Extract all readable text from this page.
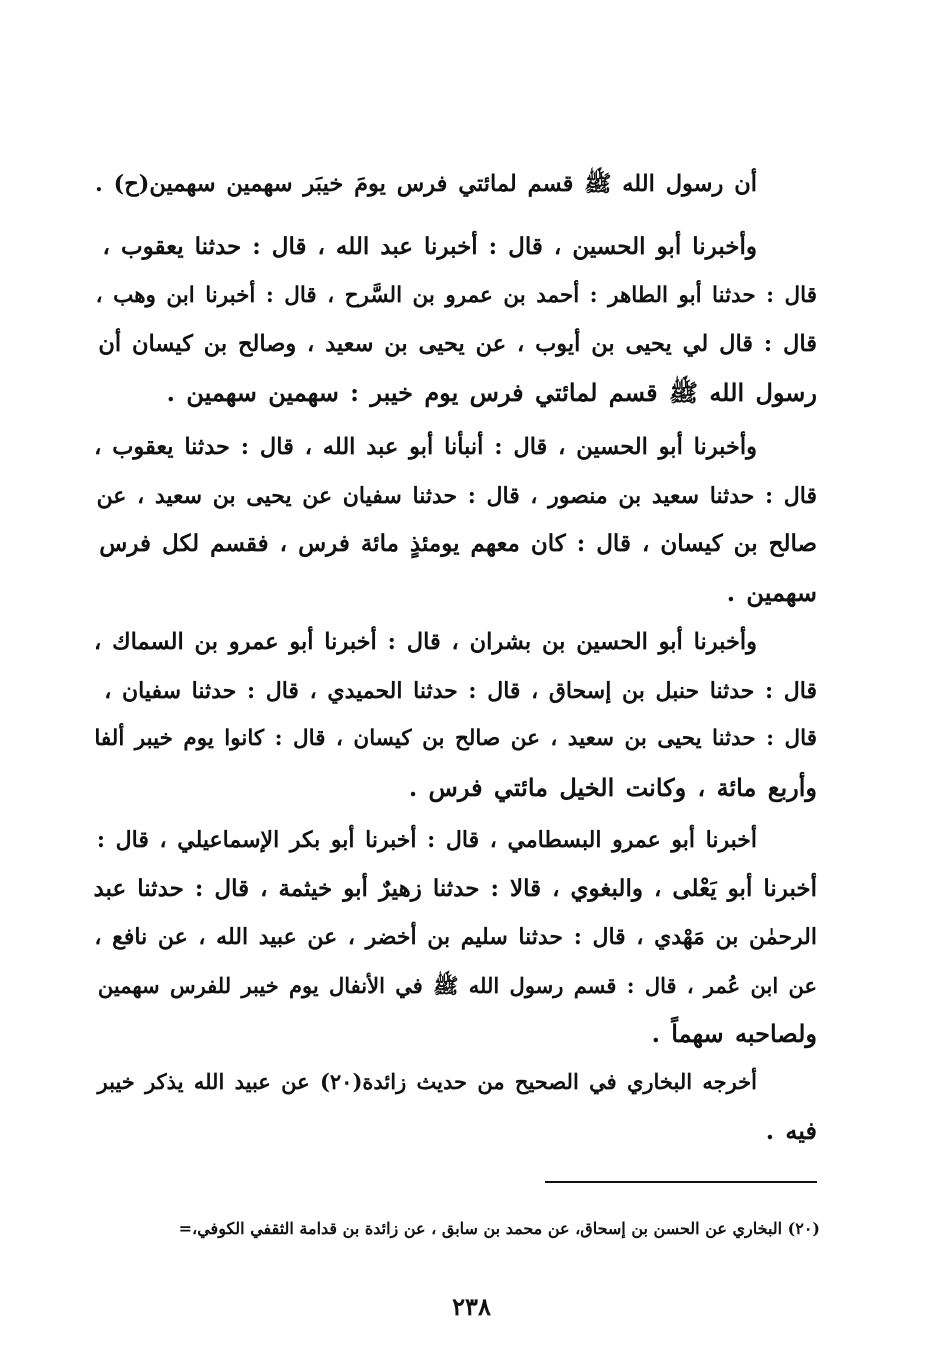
أن رسول الله ﷺ قسم لمائتي فرس يومَ خيبَر سهمين سهمين(ح) .
وأخبرنا أبو الحسين ، قال : أخبرنا عبد الله ، قال : حدثنا يعقوب ،
قال : حدثنا أبو الطاهر : أحمد بن عمرو بن السَّرح ، قال : أخبرنا ابن وهب ،
قال : قال لي يحيى بن أيوب ، عن يحيى بن سعيد ، وصالح بن كيسان أن
رسول الله ﷺ قسم لمائتي فرس يوم خيبر : سهمين سهمين .
وأخبرنا أبو الحسين ، قال : أنبأنا أبو عبد الله ، قال : حدثنا يعقوب ،
قال : حدثنا سعيد بن منصور ، قال : حدثنا سفيان عن يحيى بن سعيد ، عن
صالح بن كيسان ، قال : كان معهم يومئذٍ مائة فرس ، فقسم لكل فرس
سهمين .
وأخبرنا أبو الحسين بن بشران ، قال : أخبرنا أبو عمرو بن السماك ،
قال : حدثنا حنبل بن إسحاق ، قال : حدثنا الحميدي ، قال : حدثنا سفيان ،
قال : حدثنا يحيى بن سعيد ، عن صالح بن كيسان ، قال : كانوا يوم خيبر ألفا
وأربع مائة ، وكانت الخيل مائتي فرس .
أخبرنا أبو عمرو البسطامي ، قال : أخبرنا أبو بكر الإسماعيلي ، قال :
أخبرنا أبو يَعْلى ، والبغوي ، قالا : حدثنا زهيرٌ أبو خيثمة ، قال : حدثنا عبد
الرحمٰن بن مَهْدي ، قال : حدثنا سليم بن أخضر ، عن عبيد الله ، عن نافع ،
عن ابن عُمر ، قال : قسم رسول الله ﷺ في الأنفال يوم خيبر للفرس سهمين
ولصاحبه سهماً .
أخرجه البخاري في الصحيح من حديث زائدة(٢٠) عن عبيد الله يذكر خيبر
فيه .
(٢٠) البخاري عن الحسن بن إسحاق، عن محمد بن سابق ، عن زائدة بن قدامة الثقفي الكوفي،=
٢٣٨
